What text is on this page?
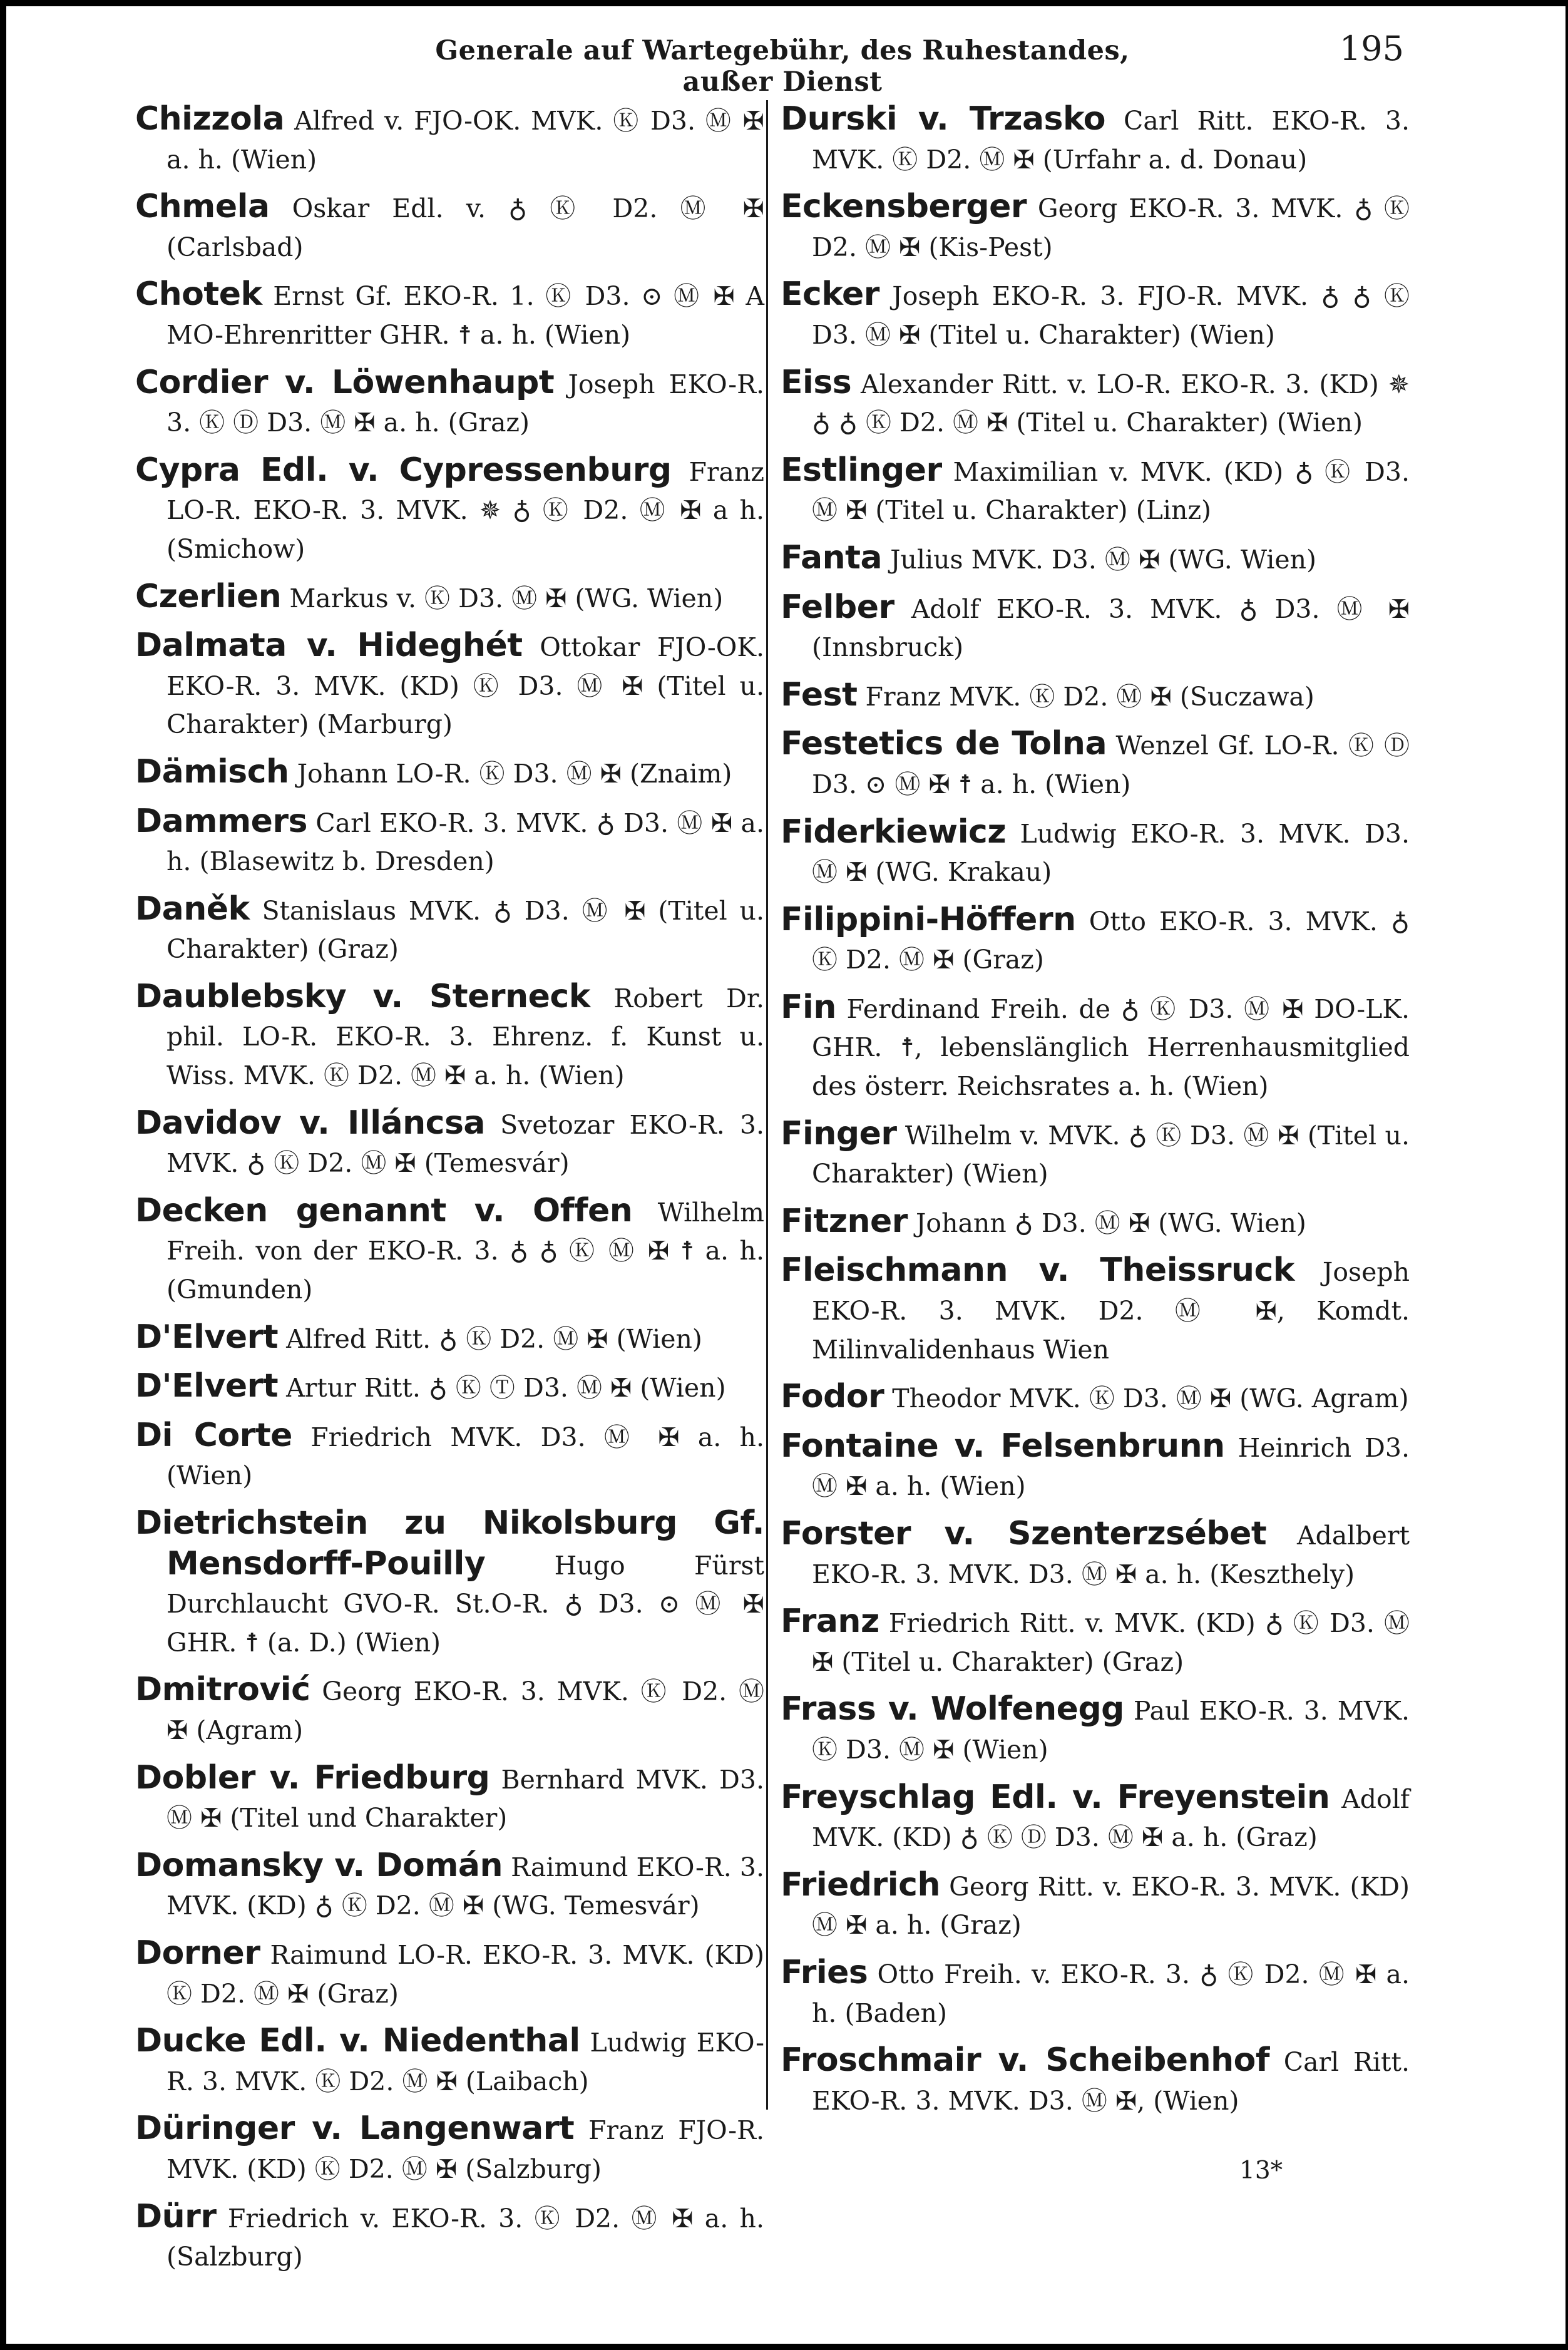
Generale auf Wartegebühr, des Ruhestandes, außer Dienst
195

Chizzola Alfred v. FJO-OK. MVK. Ⓚ D3. Ⓜ ✠ a. h. (Wien)

Chmela Oskar Edl. v. ♁ Ⓚ D2. Ⓜ ✠ (Carlsbad)

Chotek Ernst Gf. EKO-R. 1. Ⓚ D3. ⊙ Ⓜ ✠ A MO-Ehrenritter GHR. ☨ a. h. (Wien)

Cordier v. Löwenhaupt Joseph EKO-R. 3. Ⓚ Ⓓ D3. Ⓜ ✠ a. h. (Graz)

Cypra Edl. v. Cypressenburg Franz LO-R. EKO-R. 3. MVK. ✵ ♁ Ⓚ D2. Ⓜ ✠ a h. (Smichow)

Czerlien Markus v. Ⓚ D3. Ⓜ ✠ (WG. Wien)

Dalmata v. Hideghét Ottokar FJO-OK. EKO-R. 3. MVK. (KD) Ⓚ D3. Ⓜ ✠ (Titel u. Charakter) (Marburg)

Dämisch Johann LO-R. Ⓚ D3. Ⓜ ✠ (Znaim)

Dammers Carl EKO-R. 3. MVK. ♁ D3. Ⓜ ✠ a. h. (Blasewitz b. Dresden)

Daněk Stanislaus MVK. ♁ D3. Ⓜ ✠ (Titel u. Charakter) (Graz)

Daublebsky v. Sterneck Robert Dr. phil. LO-R. EKO-R. 3. Ehrenz. f. Kunst u. Wiss. MVK. Ⓚ D2. Ⓜ ✠ a. h. (Wien)

Davidov v. Illáncsa Svetozar EKO-R. 3. MVK. ♁ Ⓚ D2. Ⓜ ✠ (Temesvár)

Decken genannt v. Offen Wilhelm Freih. von der EKO-R. 3. ♁ ♁ Ⓚ Ⓜ ✠ ☨ a. h. (Gmunden)

D'Elvert Alfred Ritt. ♁ Ⓚ D2. Ⓜ ✠ (Wien)

D'Elvert Artur Ritt. ♁ Ⓚ Ⓣ D3. Ⓜ ✠ (Wien)

Di Corte Friedrich MVK. D3. Ⓜ ✠ a. h. (Wien)

Dietrichstein zu Nikolsburg Gf. Mensdorff-Pouilly	Hugo Fürst Durchlaucht GVO-R. St.O-R. ♁ D3. ⊙ Ⓜ ✠ GHR. ☨ (a. D.) (Wien)

Dmitrović Georg EKO-R. 3. MVK. Ⓚ D2. Ⓜ ✠ (Agram)

Dobler v. Friedburg Bernhard MVK. D3. Ⓜ ✠ (Titel und Charakter)

Domansky v. Domán Raimund EKO-R. 3. MVK. (KD) ♁ Ⓚ D2. Ⓜ ✠ (WG. Temesvár)

Dorner Raimund LO-R. EKO-R. 3. MVK. (KD) Ⓚ D2. Ⓜ ✠ (Graz)

Ducke Edl. v. Niedenthal Ludwig EKO-R. 3. MVK. Ⓚ D2. Ⓜ ✠ (Laibach)

Düringer v. Langenwart Franz FJO-R. MVK. (KD) Ⓚ D2. Ⓜ ✠ (Salzburg)

Dürr Friedrich v. EKO-R. 3. Ⓚ D2. Ⓜ ✠ a. h. (Salzburg)

Durski v. Trzasko Carl Ritt. EKO-R. 3. MVK. Ⓚ D2. Ⓜ ✠ (Urfahr a. d. Donau)

Eckensberger Georg EKO-R. 3. MVK. ♁ Ⓚ D2. Ⓜ ✠ (Kis-Pest)

Ecker Joseph EKO-R. 3. FJO-R. MVK. ♁ ♁ Ⓚ D3. Ⓜ ✠ (Titel u. Charakter) (Wien)

Eiss Alexander Ritt. v. LO-R. EKO-R. 3. (KD) ✵ ♁ ♁ Ⓚ D2. Ⓜ ✠ (Titel u. Charakter) (Wien)

Estlinger Maximilian v. MVK. (KD) ♁ Ⓚ D3. Ⓜ ✠ (Titel u. Charakter) (Linz)

Fanta Julius MVK. D3. Ⓜ ✠ (WG. Wien)

Felber Adolf EKO-R. 3. MVK. ♁ D3. Ⓜ ✠ (Innsbruck)

Fest Franz MVK. Ⓚ D2. Ⓜ ✠ (Suczawa)

Festetics de Tolna Wenzel Gf. LO-R. Ⓚ Ⓓ D3. ⊙ Ⓜ ✠ ☨ a. h. (Wien)

Fiderkiewicz Ludwig EKO-R. 3. MVK. D3. Ⓜ ✠ (WG. Krakau)

Filippini-Höffern Otto EKO-R. 3. MVK. ♁ Ⓚ D2. Ⓜ ✠ (Graz)

Fin Ferdinand Freih. de ♁ Ⓚ D3. Ⓜ ✠ DO-LK. GHR. ☨, lebenslänglich Herrenhausmitglied des österr. Reichsrates a. h. (Wien)

Finger Wilhelm v. MVK. ♁ Ⓚ D3. Ⓜ ✠ (Titel u. Charakter) (Wien)

Fitzner Johann ♁ D3. Ⓜ ✠ (WG. Wien)

Fleischmann v. Theissruck Joseph EKO-R. 3. MVK. D2. Ⓜ ✠, Komdt. Milinvalidenhaus Wien

Fodor Theodor MVK. Ⓚ D3. Ⓜ ✠ (WG. Agram)

Fontaine v. Felsenbrunn Heinrich D3. Ⓜ ✠ a. h. (Wien)

Forster v. Szenterzsébet Adalbert EKO-R. 3. MVK. D3. Ⓜ ✠ a. h. (Keszthely)

Franz Friedrich Ritt. v. MVK. (KD) ♁ Ⓚ D3. Ⓜ ✠ (Titel u. Charakter) (Graz)

Frass v. Wolfenegg Paul EKO-R. 3. MVK. Ⓚ D3. Ⓜ ✠ (Wien)

Freyschlag Edl. v. Freyenstein Adolf MVK. (KD) ♁ Ⓚ Ⓓ D3. Ⓜ ✠ a. h. (Graz)

Friedrich Georg Ritt. v. EKO-R. 3. MVK. (KD) Ⓜ ✠ a. h. (Graz)

Fries Otto Freih. v. EKO-R. 3. ♁ Ⓚ D2. Ⓜ ✠ a. h. (Baden)

Froschmair v. Scheibenhof Carl Ritt. EKO-R. 3. MVK. D3. Ⓜ ✠, (Wien)

13*
